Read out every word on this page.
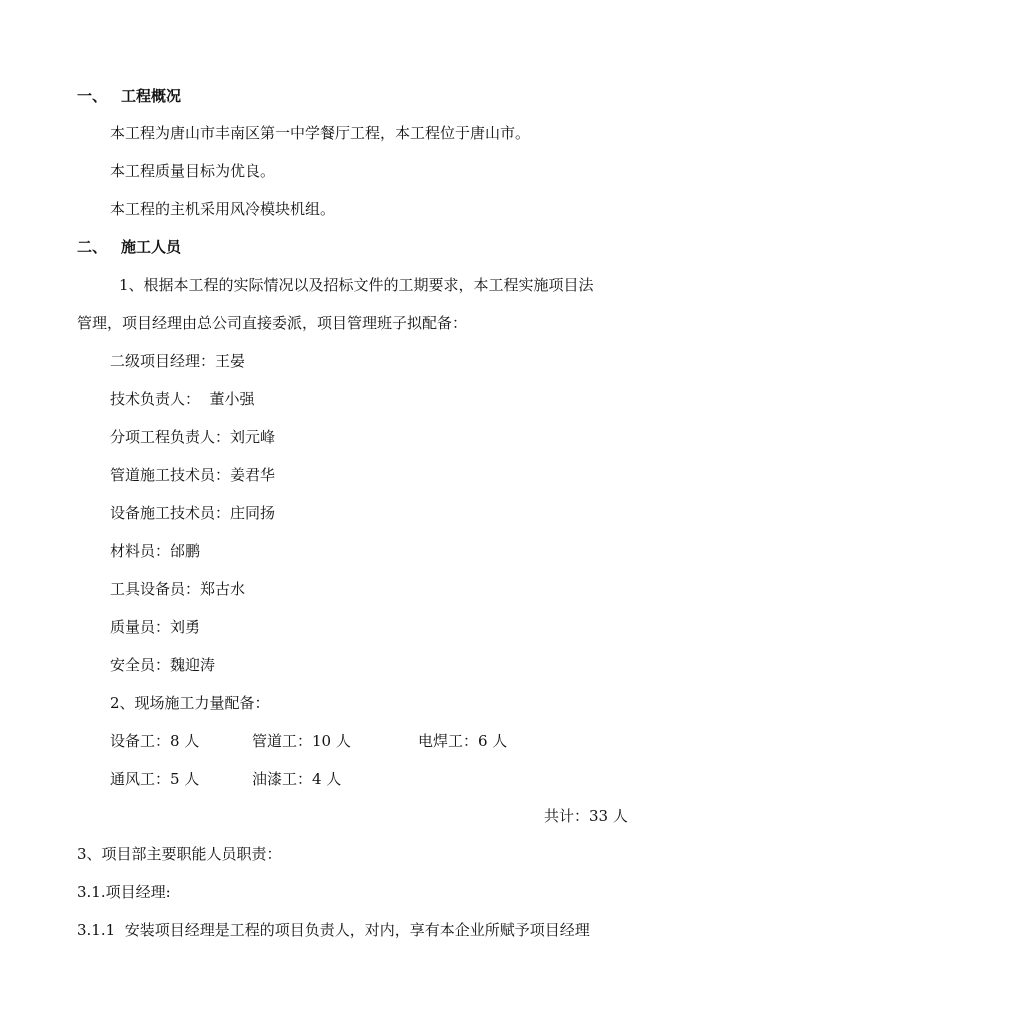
一、 工程概况
本工程为唐山市丰南区第一中学餐厅工程，本工程位于唐山市。
本工程质量目标为优良。
本工程的主机采用风冷模块机组。
二、 施工人员
1、根据本工程的实际情况以及招标文件的工期要求，本工程实施项目法
管理，项目经理由总公司直接委派，项目管理班子拟配备：
二级项目经理：王晏
技术负责人：  董小强
分项工程负责人：刘元峰
管道施工技术员：姜君华
设备施工技术员：庄同扬
材料员：邰鹏
工具设备员：郑古水
质量员：刘勇
安全员：魏迎涛
2、现场施工力量配备：
设备工：8 人	管道工：10 人	电焊工：6 人
通风工：5 人	油漆工：4 人
共计：33 人
3、项目部主要职能人员职责：
3.1.项目经理:
3.1.1  安装项目经理是工程的项目负责人，对内，享有本企业所赋予项目经理
